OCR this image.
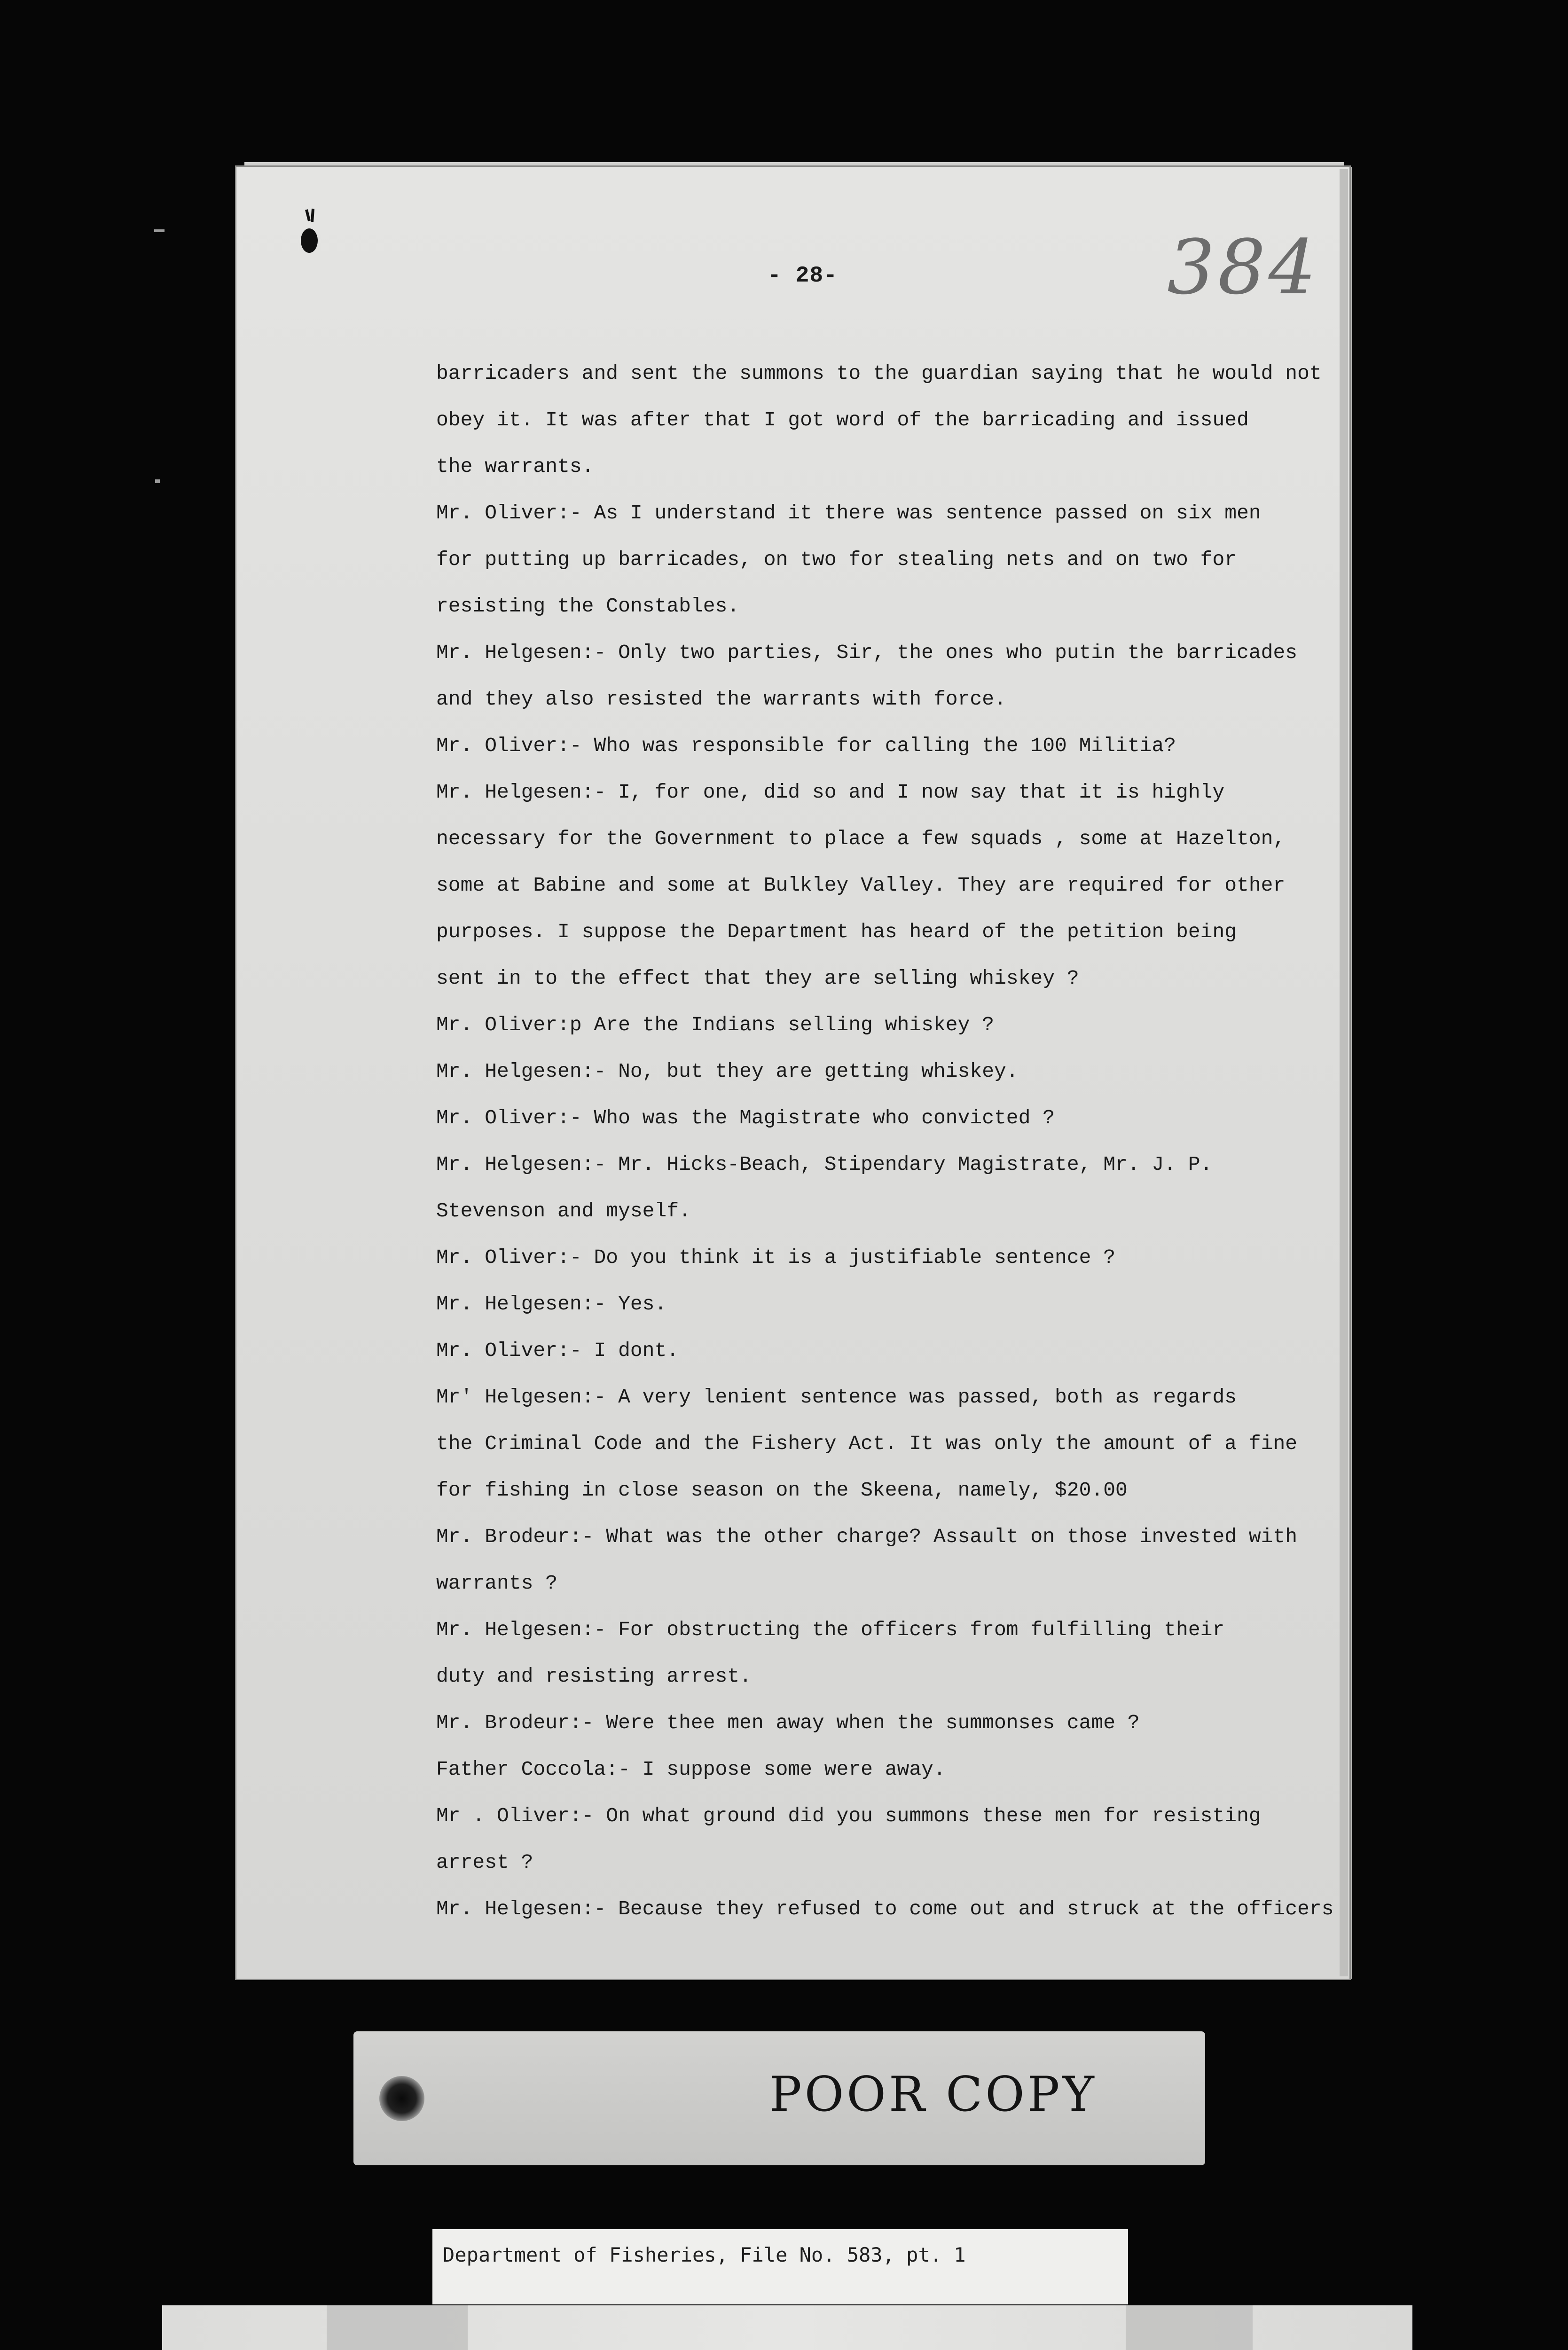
- 28-	384
barricaders and sent the summons to the guardian saying that he would not
obey it. It was after that I got word of the barricading and issued
the warrants.
Mr. Oliver:- As I understand it there was sentence passed on six men
for putting up barricades, on two for stealing nets and on two for
resisting the Constables.
Mr. Helgesen:- Only two parties, Sir, the ones who putin the barricades
and they also resisted the warrants with force.
Mr. Oliver:- Who was responsible for calling the 100 Militia?
Mr. Helgesen:- I, for one, did so and I now say that it is highly
necessary for the Government to place a few squads , some at Hazelton,
some at Babine and some at Bulkley Valley. They are required for other
purposes. I suppose the Department has heard of the petition being
sent in to the effect that they are selling whiskey ?
Mr. Oliver:p Are the Indians selling whiskey ?
Mr. Helgesen:- No, but they are getting whiskey.
Mr. Oliver:- Who was the Magistrate who convicted ?
Mr. Helgesen:- Mr. Hicks-Beach, Stipendary Magistrate, Mr. J. P.
Stevenson and myself.
Mr. Oliver:- Do you think it is a justifiable sentence ?
Mr. Helgesen:- Yes.
Mr. Oliver:- I dont.
Mr' Helgesen:- A very lenient sentence was passed, both as regards
the Criminal Code and the Fishery Act. It was only the amount of a fine
for fishing in close season on the Skeena, namely, $20.00
Mr. Brodeur:- What was the other charge? Assault on those invested with
warrants ?
Mr. Helgesen:- For obstructing the officers from fulfilling their
duty and resisting arrest.
Mr. Brodeur:- Were thee men away when the summonses came ?
Father Coccola:- I suppose some were away.
Mr . Oliver:- On what ground did you summons these men for resisting
arrest ?
Mr. Helgesen:- Because they refused to come out and struck at the officers
POOR COPY
Department of Fisheries, File No. 583, pt. 1
